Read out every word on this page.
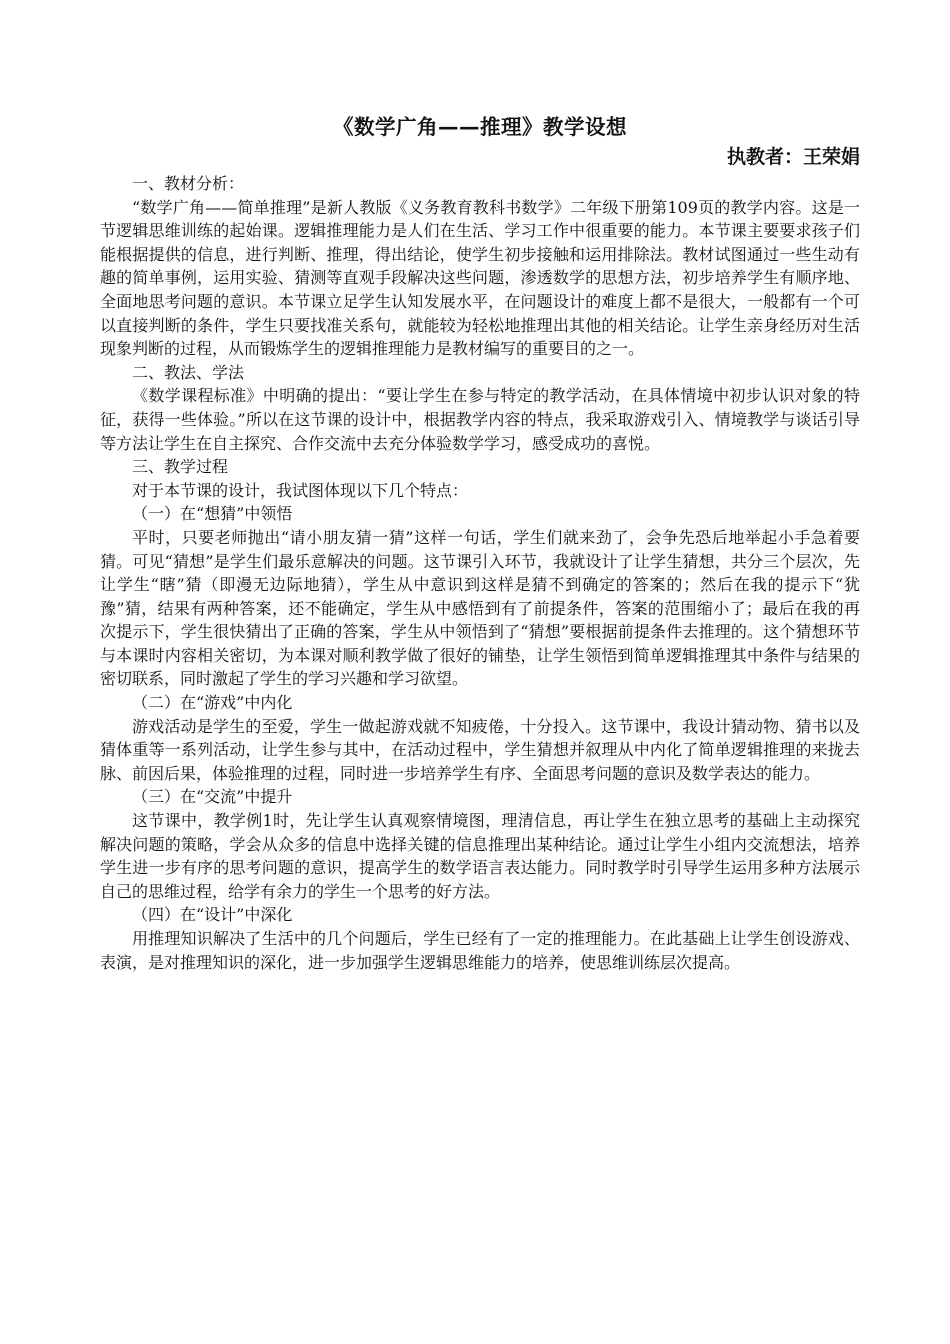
《数学广角——推理》教学设想

执教者：王荣娟

一、教材分析：

“数学广角——简单推理”是新人教版《义务教育教科书数学》二年级下册第109页的教学内容。这是一节逻辑思维训练的起始课。逻辑推理能力是人们在生活、学习工作中很重要的能力。本节课主要要求孩子们能根据提供的信息，进行判断、推理，得出结论，使学生初步接触和运用排除法。教材试图通过一些生动有趣的简单事例，运用实验、猜测等直观手段解决这些问题，渗透数学的思想方法，初步培养学生有顺序地、全面地思考问题的意识。本节课立足学生认知发展水平，在问题设计的难度上都不是很大，一般都有一个可以直接判断的条件，学生只要找准关系句，就能较为轻松地推理出其他的相关结论。让学生亲身经历对生活现象判断的过程，从而锻炼学生的逻辑推理能力是教材编写的重要目的之一。

二、教法、学法

《数学课程标准》中明确的提出：“要让学生在参与特定的教学活动，在具体情境中初步认识对象的特征，获得一些体验。”所以在这节课的设计中，根据教学内容的特点，我采取游戏引入、情境教学与谈话引导等方法让学生在自主探究、合作交流中去充分体验数学学习，感受成功的喜悦。

三、教学过程

对于本节课的设计，我试图体现以下几个特点：

（一）在“想猜”中领悟

平时，只要老师抛出“请小朋友猜一猜”这样一句话，学生们就来劲了，会争先恐后地举起小手急着要猜。可见“猜想”是学生们最乐意解决的问题。这节课引入环节，我就设计了让学生猜想，共分三个层次，先让学生“瞎”猜（即漫无边际地猜），学生从中意识到这样是猜不到确定的答案的；然后在我的提示下“犹豫”猜，结果有两种答案，还不能确定，学生从中感悟到有了前提条件，答案的范围缩小了；最后在我的再次提示下，学生很快猜出了正确的答案，学生从中领悟到了“猜想”要根据前提条件去推理的。这个猜想环节与本课时内容相关密切，为本课对顺利教学做了很好的铺垫，让学生领悟到简单逻辑推理其中条件与结果的密切联系，同时激起了学生的学习兴趣和学习欲望。

（二）在“游戏”中内化

游戏活动是学生的至爱，学生一做起游戏就不知疲倦，十分投入。这节课中，我设计猜动物、猜书以及猜体重等一系列活动，让学生参与其中，在活动过程中，学生猜想并叙理从中内化了简单逻辑推理的来拢去脉、前因后果，体验推理的过程，同时进一步培养学生有序、全面思考问题的意识及数学表达的能力。

（三）在“交流”中提升

这节课中，教学例1时，先让学生认真观察情境图，理清信息，再让学生在独立思考的基础上主动探究解决问题的策略，学会从众多的信息中选择关键的信息推理出某种结论。通过让学生小组内交流想法，培养学生进一步有序的思考问题的意识，提高学生的数学语言表达能力。同时教学时引导学生运用多种方法展示自己的思维过程，给学有余力的学生一个思考的好方法。

（四）在“设计”中深化

用推理知识解决了生活中的几个问题后，学生已经有了一定的推理能力。在此基础上让学生创设游戏、表演，是对推理知识的深化，进一步加强学生逻辑思维能力的培养，使思维训练层次提高。
